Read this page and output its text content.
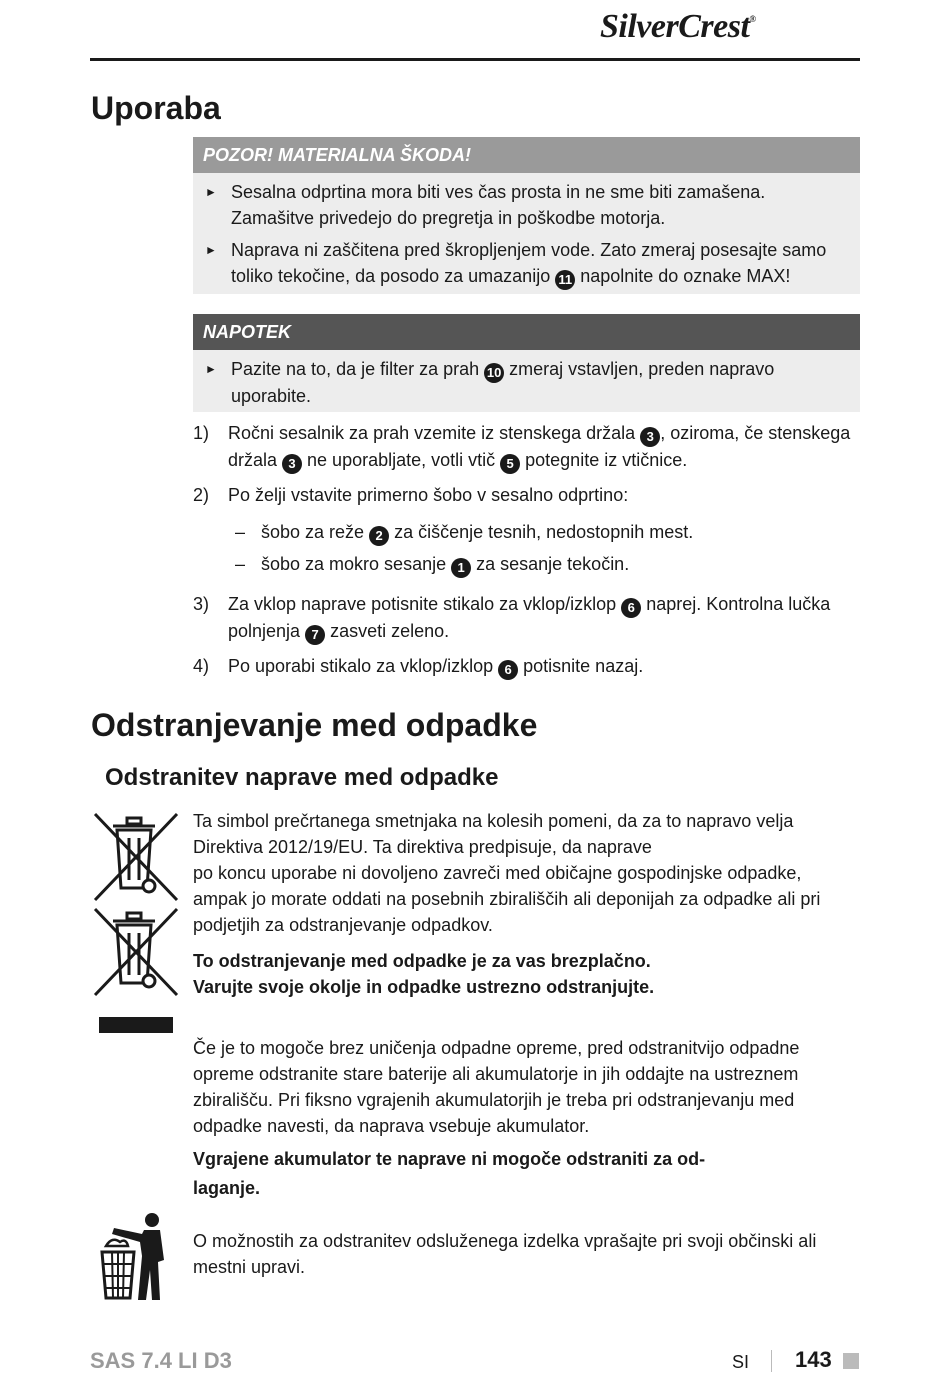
SilverCrest®
Uporaba
POZOR! MATERIALNA ŠKODA!
► Sesalna odprtina mora biti ves čas prosta in ne sme biti zamašena. Zamašitve privedejo do pregretja in poškodbe motorja.
► Naprava ni zaščitena pred škropljenjem vode. Zato zmeraj posesajte samo toliko tekočine, da posodo za umazanijo 11 napolnite do oznake MAX!
NAPOTEK
► Pazite na to, da je filter za prah 10 zmeraj vstavljen, preden napravo uporabite.
1) Ročni sesalnik za prah vzemite iz stenskega držala 3 , oziroma, če stenskega držala 3 ne uporabljate, votli vtič 5 potegnite iz vtičnice.
2) Po želji vstavite primerno šobo v sesalno odprtino:
– šobo za reže 2 za čiščenje tesnih, nedostopnih mest.
– šobo za mokro sesanje 1 za sesanje tekočin.
3) Za vklop naprave potisnite stikalo za vklop/izklop 6 naprej. Kontrolna lučka polnjenja 7 zasveti zeleno.
4) Po uporabi stikalo za vklop/izklop 6 potisnite nazaj.
Odstranjevanje med odpadke
Odstranitev naprave med odpadke
Ta simbol prečrtanega smetnjaka na kolesih pomeni, da za to napravo velja
Direktiva 2012/19/EU. Ta direktiva predpisuje, da naprave
po koncu uporabe ni dovoljeno zavreči med običajne gospodinjske odpadke,
ampak jo morate oddati na posebnih zbirališčih ali deponijah za odpadke ali pri
podjetjih za odstranjevanje odpadkov.
To odstranjevanje med odpadke je za vas brezplačno.
Varujte svoje okolje in odpadke ustrezno odstranjujte.
Če je to mogoče brez uničenja odpadne opreme, pred odstranitvijo odpadne
opreme odstranite stare baterije ali akumulatorje in jih oddajte na ustreznem
zbirališču. Pri fiksno vgrajenih akumulatorjih je treba pri odstranjevanju med
odpadke navesti, da naprava vsebuje akumulator.
Vgrajene akumulator te naprave ni mogoče odstraniti za od-
laganje.
O možnostih za odstranitev odsluženega izdelka vprašajte pri svoji občinski ali
mestni upravi.
SAS 7.4 LI D3	SI 143
